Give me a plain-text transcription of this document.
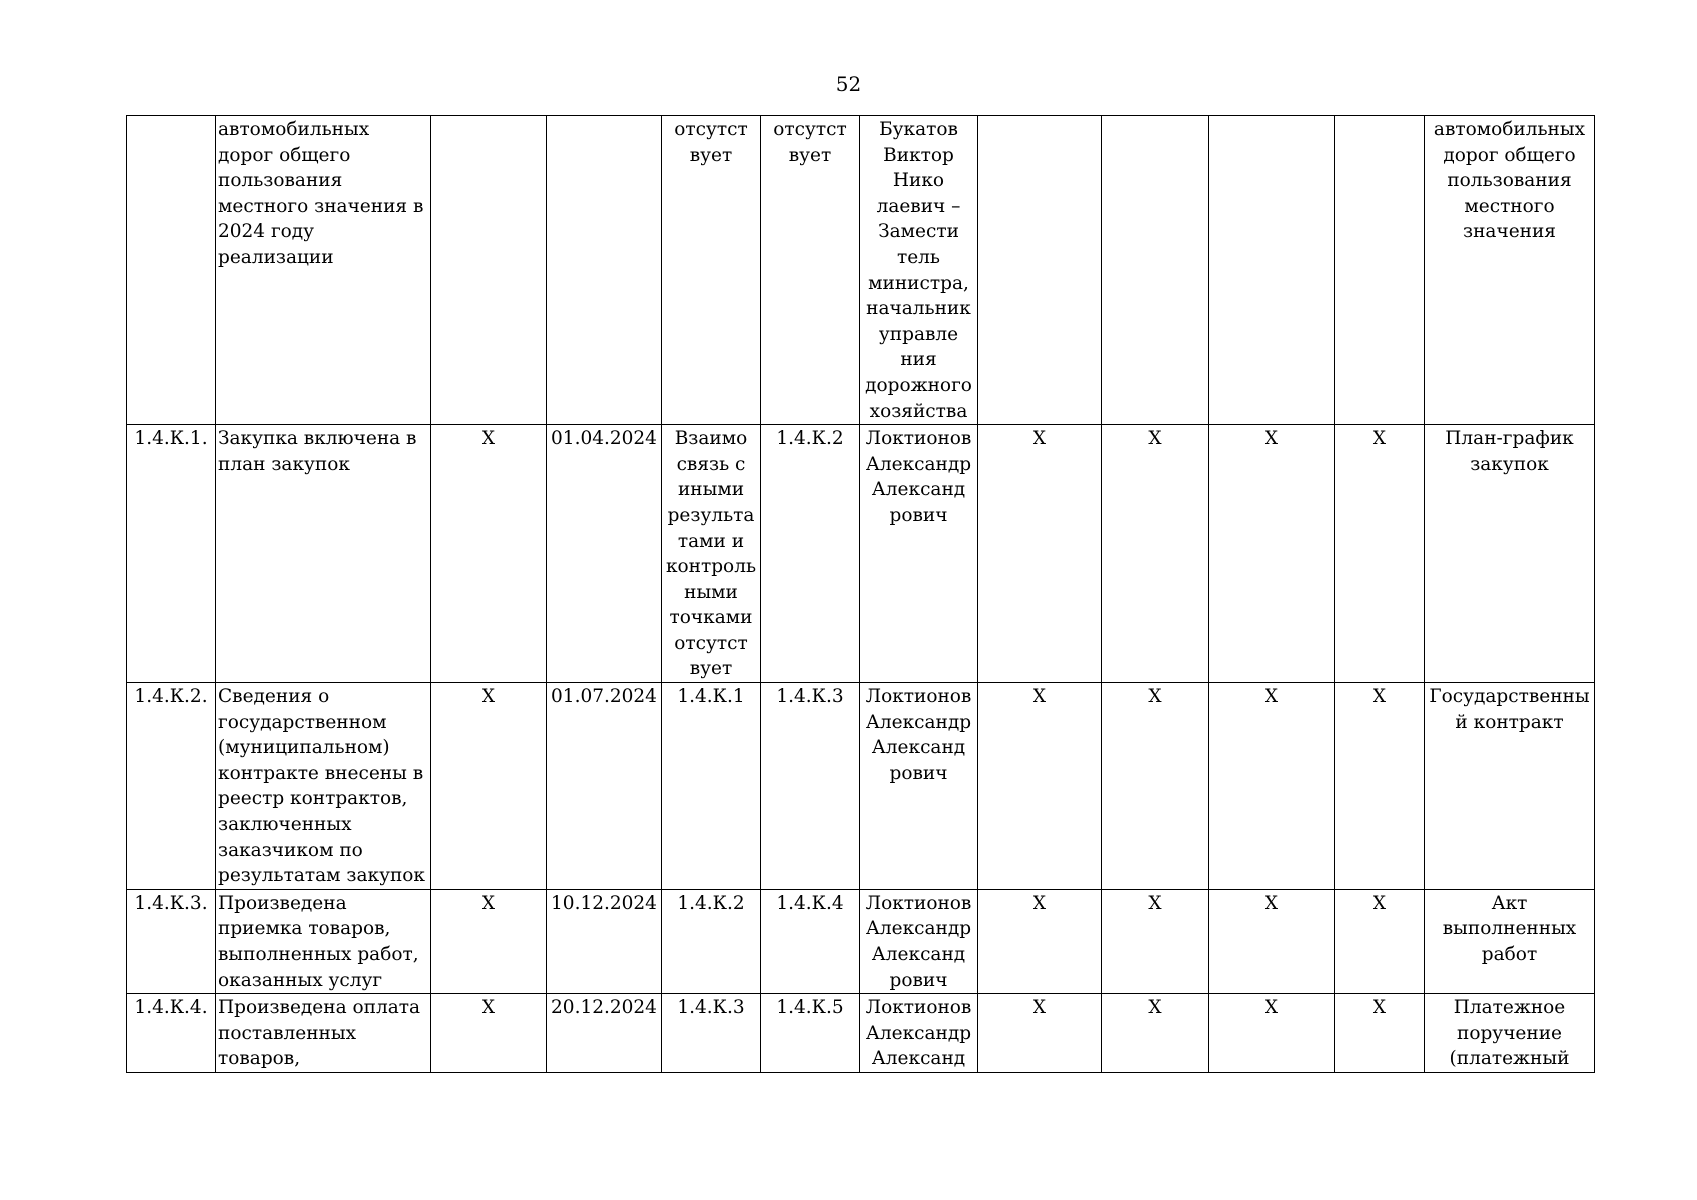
52
	автомобильных дорог общего пользования местного значения в 2024 году реализации			отсутст вует	отсутст вует	Букатов Виктор Нико лаевич – Замести тель министра, начальник управле ния дорожного хозяйства					автомобильных дорог общего пользования местного значения
1.4.К.1.	Закупка включена в план закупок	X	01.04.2024	Взаимо связь с иными результа тами и контроль ными точками отсутст вует	1.4.К.2	Локтионов Александр Александ рович	X	X	X	X	План-график закупок
1.4.К.2.	Сведения о государственном (муниципальном) контракте внесены в реестр контрактов, заключенных заказчиком по результатам закупок	X	01.07.2024	1.4.К.1	1.4.К.3	Локтионов Александр Александ рович	X	X	X	X	Государственный контракт
1.4.К.3.	Произведена приемка товаров, выполненных работ, оказанных услуг	X	10.12.2024	1.4.К.2	1.4.К.4	Локтионов Александр Александ рович	X	X	X	X	Акт выполненных работ
1.4.К.4.	Произведена оплата поставленных товаров,	X	20.12.2024	1.4.К.3	1.4.К.5	Локтионов Александр Александ	X	X	X	X	Платежное поручение (платежный
